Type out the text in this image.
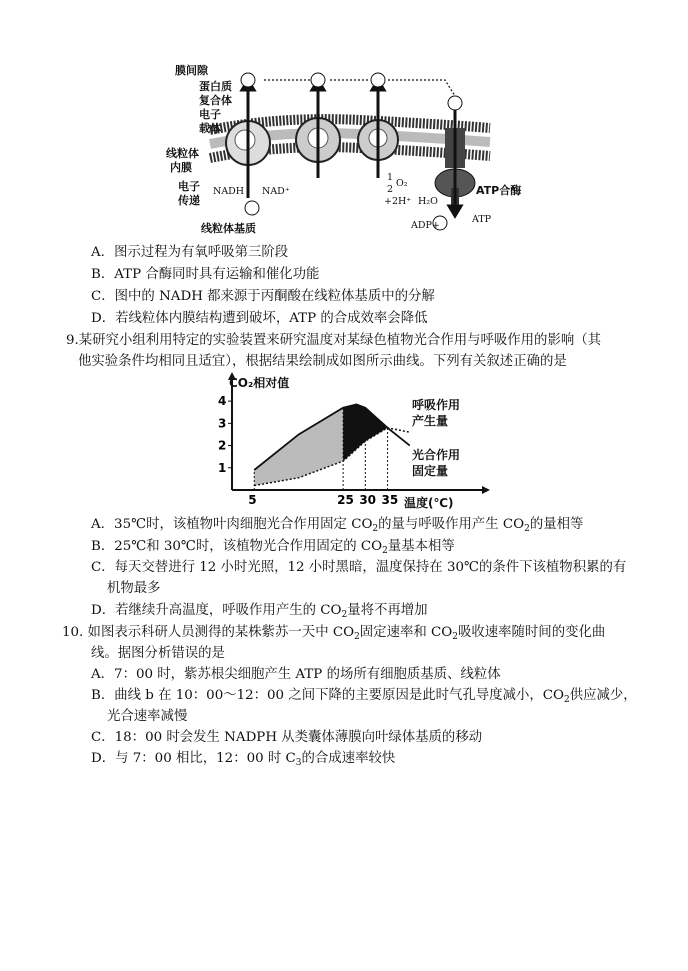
膜间隙
蛋白质
复合体
电子
载体
线粒体
内膜
电子
传递
NADH NAD⁺
1
2
O₂
+2H⁺ H₂O
ATP合酶
ADP+
ATP
线粒体基质
A．图示过程为有氧呼吸第三阶段
B．ATP 合酶同时具有运输和催化功能
C．图中的 NADH 都来源于丙酮酸在线粒体基质中的分解
D．若线粒体内膜结构遭到破坏，ATP 的合成效率会降低
9.某研究小组利用特定的实验装置来研究温度对某绿色植物光合作用与呼吸作用的影响（其
他实验条件均相同且适宜），根据结果绘制成如图所示曲线。下列有关叙述正确的是
1
2
3
4
5	25 30 35
CO₂相对值
温度(℃)
呼吸作用
产生量
光合作用
固定量
A．35℃时，该植物叶肉细胞光合作用固定 $CO_2$的量与呼吸作用产生 $CO_2$的量相等
B．25℃和 30℃时，该植物光合作用固定的 $CO_2$量基本相等
C．每天交替进行 12 小时光照，12 小时黑暗，温度保持在 30℃的条件下该植物积累的有
机物最多
D．若继续升高温度，呼吸作用产生的 $CO_2$量将不再增加
10. 如图表示科研人员测得的某株紫苏一天中 $CO_2$固定速率和 $CO_2$吸收速率随时间的变化曲
线。据图分析错误的是
A．7：00 时，紫苏根尖细胞产生 ATP 的场所有细胞质基质、线粒体
B．曲线 b 在 10：00～12：00 之间下降的主要原因是此时气孔导度减小，$CO_2$供应减少，
光合速率减慢
C．18：00 时会发生 NADPH 从类囊体薄膜向叶绿体基质的移动
D．与 7：00 相比，12：00 时 $C_3$的合成速率较快
